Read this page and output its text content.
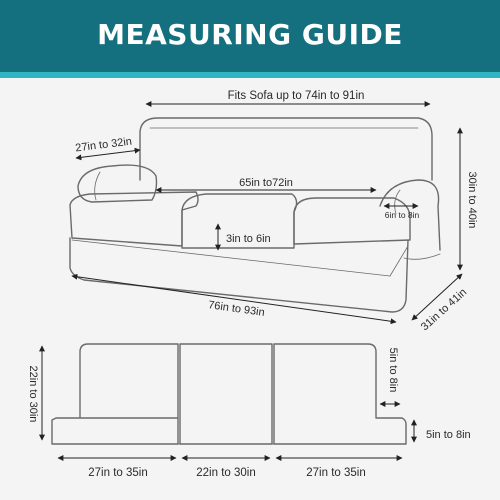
MEASURING GUIDE
Fits Sofa up to 74in to 91in
27in to 32in
30in to 40in
65in to72in
6in to 8in
3in to 6in
76in to 93in	31in to 41in
22in to 30in	5in to 8in
5in to 8in
27in to 35in	22in to 30in	27in to 35in
